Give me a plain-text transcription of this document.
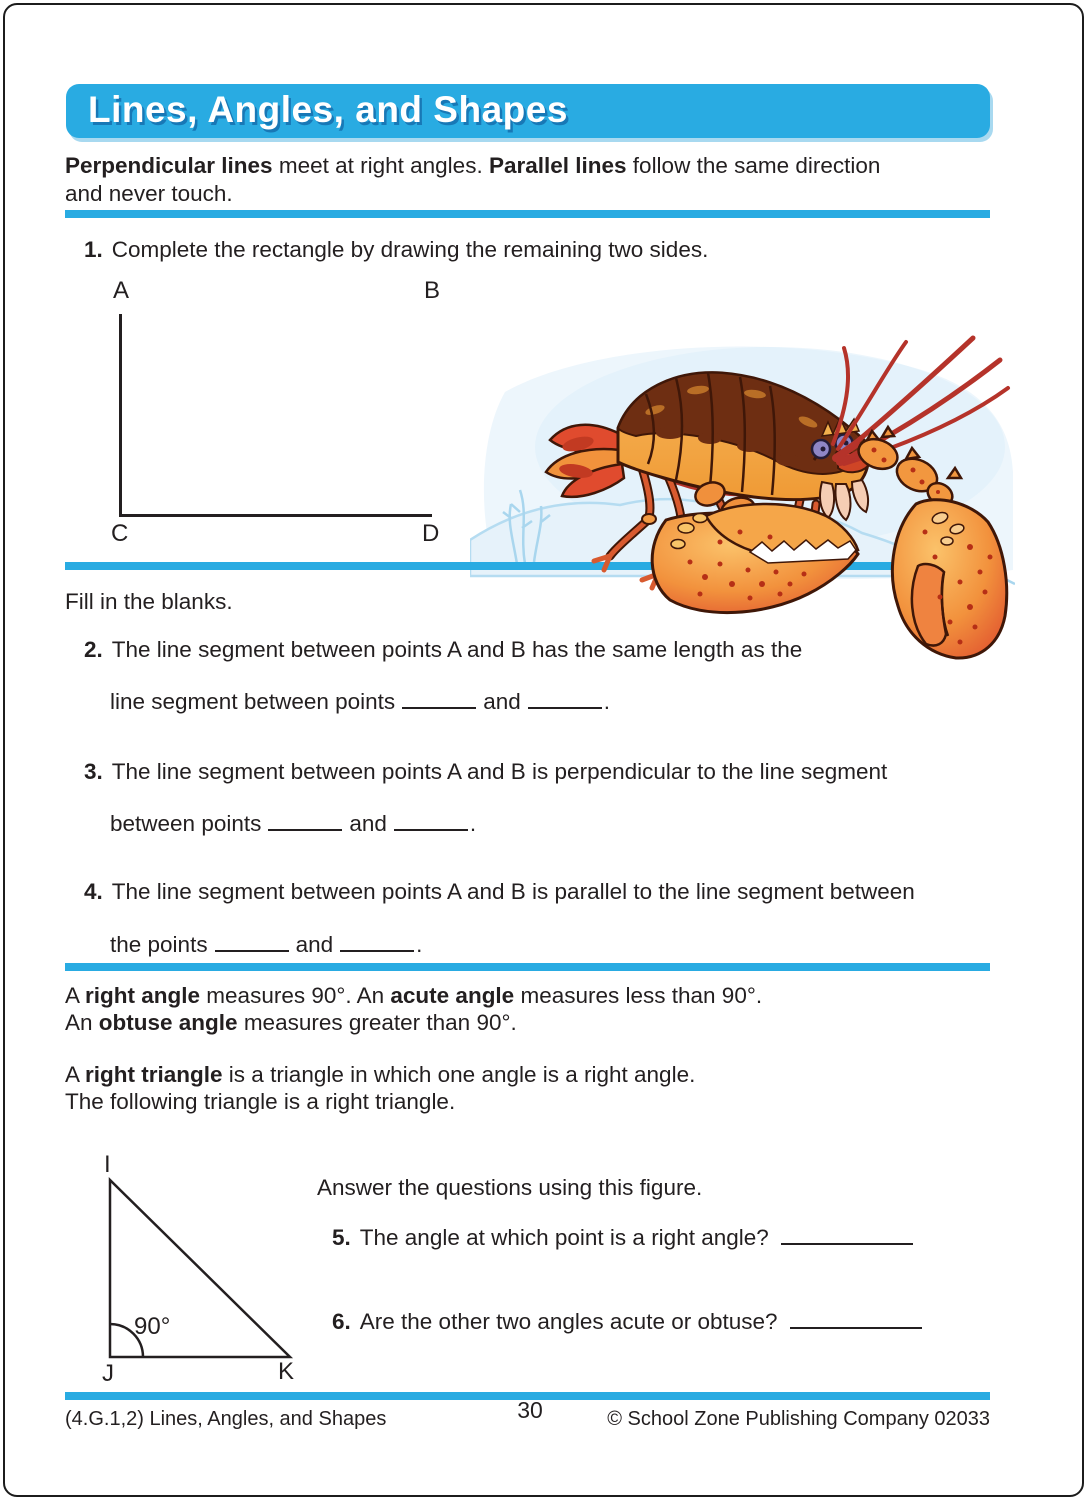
Lines, Angles, and Shapes
Perpendicular lines meet at right angles. Parallel lines follow the same direction
and never touch.
1. Complete the rectangle by drawing the remaining two sides.
A	B
C	D
Fill in the blanks.
2. The line segment between points A and B has the same length as the
line segment between points	and	.
3. The line segment between points A and B is perpendicular to the line segment
between points	and	.
4. The line segment between points A and B is parallel to the line segment between
the points	and	.
A right angle measures 90°. An acute angle measures less than 90°.
An obtuse angle measures greater than 90°.
A right triangle is a triangle in which one angle is a right angle.
The following triangle is a right triangle.
I
90°
J	K
Answer the questions using this figure.
5. The angle at which point is a right angle?
6. Are the other two angles acute or obtuse?
(4.G.1,2) Lines, Angles, and Shapes	30	© School Zone Publishing Company 02033
